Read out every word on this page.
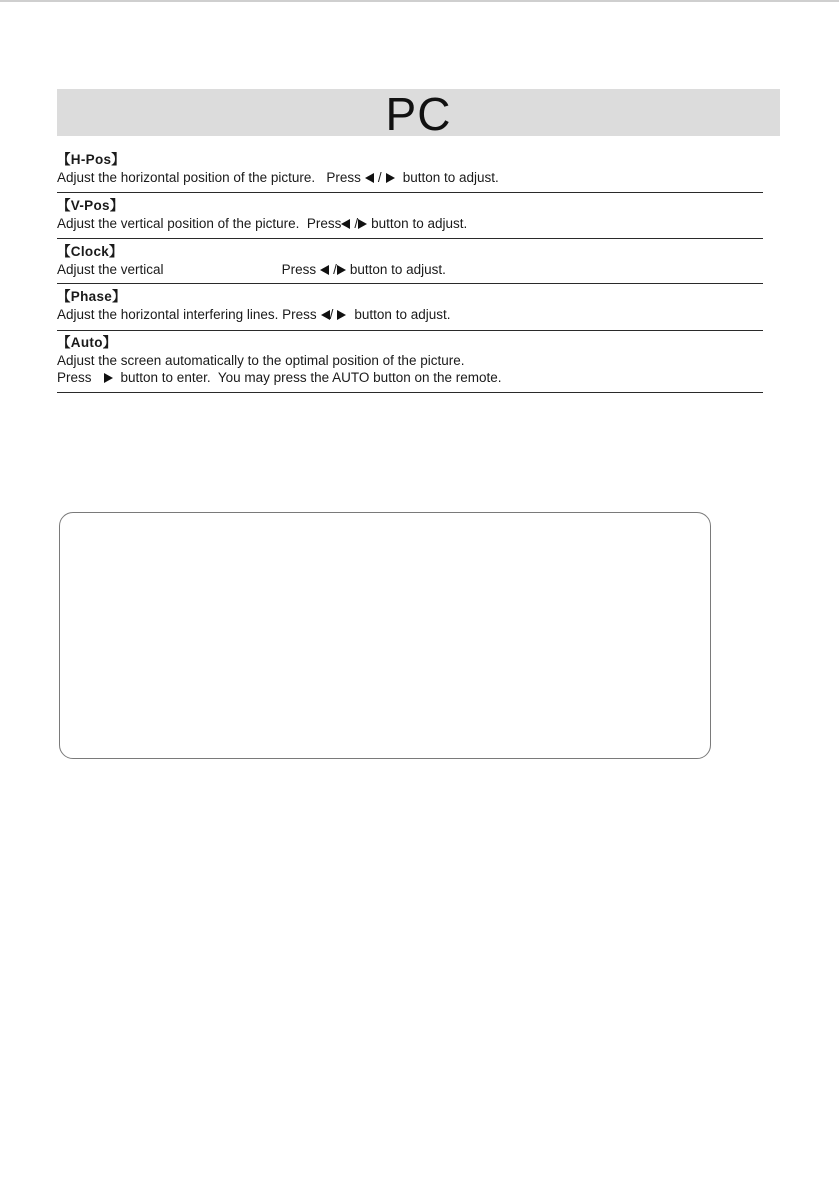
PC
【H-Pos】
Adjust the horizontal position of the picture.   Press / button to adjust.
【V-Pos】
Adjust the vertical position of the picture.  Press / button to adjust.
【Clock】
Adjust the vertical	Press / button to adjust.
【Phase】
Adjust the horizontal interfering lines. Press / button to adjust.
【Auto】
Adjust the screen automatically to the optimal position of the picture.
Press button to enter.  You may press the AUTO button on the remote.
